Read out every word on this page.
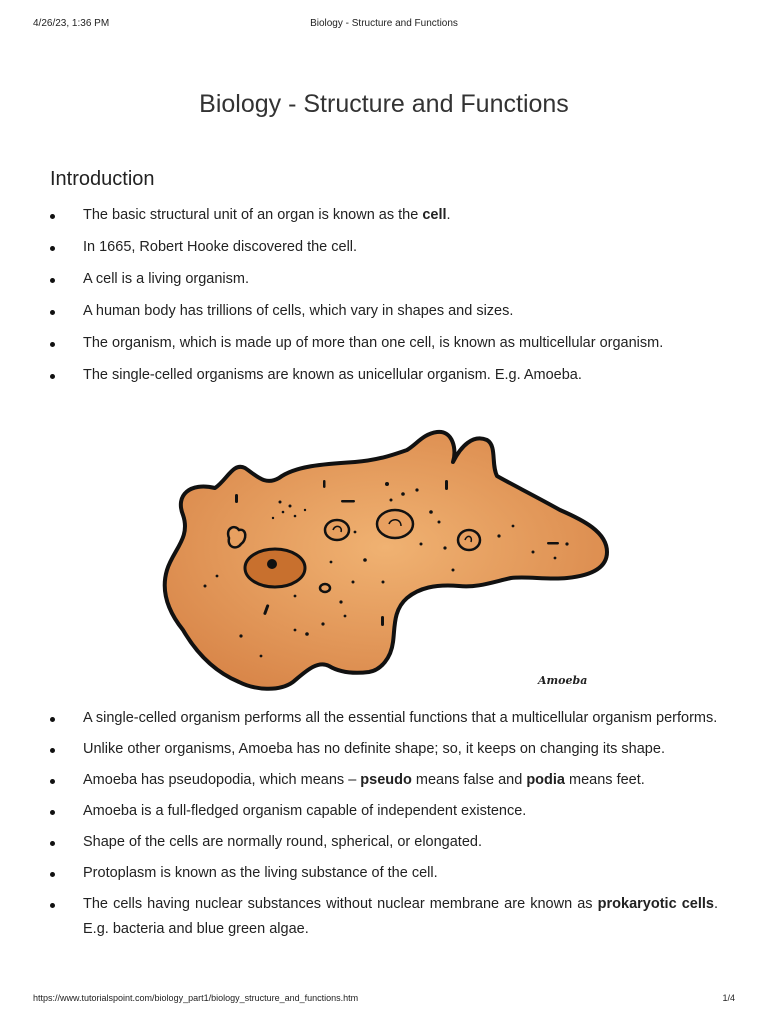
4/26/23, 1:36 PM	Biology - Structure and Functions
Biology - Structure and Functions
Introduction
The basic structural unit of an organ is known as the cell.
In 1665, Robert Hooke discovered the cell.
A cell is a living organism.
A human body has trillions of cells, which vary in shapes and sizes.
The organism, which is made up of more than one cell, is known as multicellular organism.
The single-celled organisms are known as unicellular organism. E.g. Amoeba.
Amoeba
A single-celled organism performs all the essential functions that a multicellular organism performs.
Unlike other organisms, Amoeba has no definite shape; so, it keeps on changing its shape.
Amoeba has pseudopodia, which means – pseudo means false and podia means feet.
Amoeba is a full-fledged organism capable of independent existence.
Shape of the cells are normally round, spherical, or elongated.
Protoplasm is known as the living substance of the cell.
The cells having nuclear substances without nuclear membrane are known as prokaryotic cells. E.g. bacteria and blue green algae.
https://www.tutorialspoint.com/biology_part1/biology_structure_and_functions.htm	1/4
